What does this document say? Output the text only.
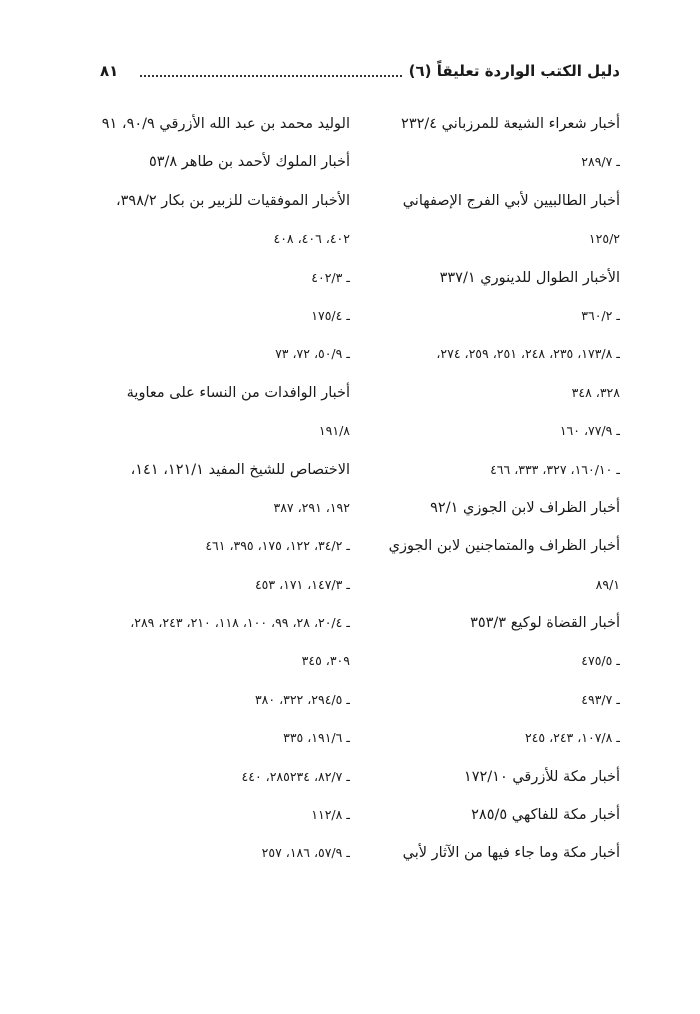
دليل الكتب الواردة تعليقاً (٦)
٨١
أخبار شعراء الشيعة للمرزباني ٢٣٢/٤
ـ ٢٨٩/٧
أخبار الطالبيين لأبي الفرج الإصفهاني
١٢٥/٢
الأخبار الطوال للدينوري ٣٣٧/١
ـ ٣٦٠/٢
ـ ١٧٣/٨، ٢٣٥، ٢٤٨، ٢٥١، ٢٥٩، ٢٧٤،
٣٢٨، ٣٤٨
ـ ٧٧/٩، ١٦٠
ـ ١٦٠/١٠، ٣٢٧، ٣٣٣، ٤٦٦
أخبار الظراف لابن الجوزي ٩٢/١
أخبار الظراف والمتماجنين لابن الجوزي
٨٩/١
أخبار القضاة لوكيع ٣٥٣/٣
ـ ٤٧٥/٥
ـ ٤٩٣/٧
ـ ١٠٧/٨، ٢٤٣، ٢٤٥
أخبار مكة للأزرقي ١٧٢/١٠
أخبار مكة للفاكهي ٢٨٥/٥
أخبار مكة وما جاء فيها من الآثار لأبي
الوليد محمد بن عبد الله الأزرقي ٩٠/٩، ٩١
أخبار الملوك لأحمد بن طاهر ٥٣/٨
الأخبار الموفقيات للزبير بن بكار ٣٩٨/٢،
٤٠٢، ٤٠٦، ٤٠٨
ـ ٤٠٢/٣
ـ ١٧٥/٤
ـ ٥٠/٩، ٧٢، ٧٣
أخبار الوافدات من النساء على معاوية
١٩١/٨
الاختصاص للشيخ المفيد ١٢١/١، ١٤١،
١٩٢، ٢٩١، ٣٨٧
ـ ٣٤/٢، ١٢٢، ١٧٥، ٣٩٥، ٤٦١
ـ ١٤٧/٣، ١٧١، ٤٥٣
ـ ٢٠/٤، ٢٨، ٩٩، ١٠٠، ١١٨، ٢١٠، ٢٤٣، ٢٨٩،
٣٠٩، ٣٤٥
ـ ٢٩٤/٥، ٣٢٢، ٣٨٠
ـ ١٩١/٦، ٣٣٥
ـ ٨٢/٧، ٢٨٥٢٣٤، ٤٤٠
ـ ١١٢/٨
ـ ٥٧/٩، ١٨٦، ٢٥٧
